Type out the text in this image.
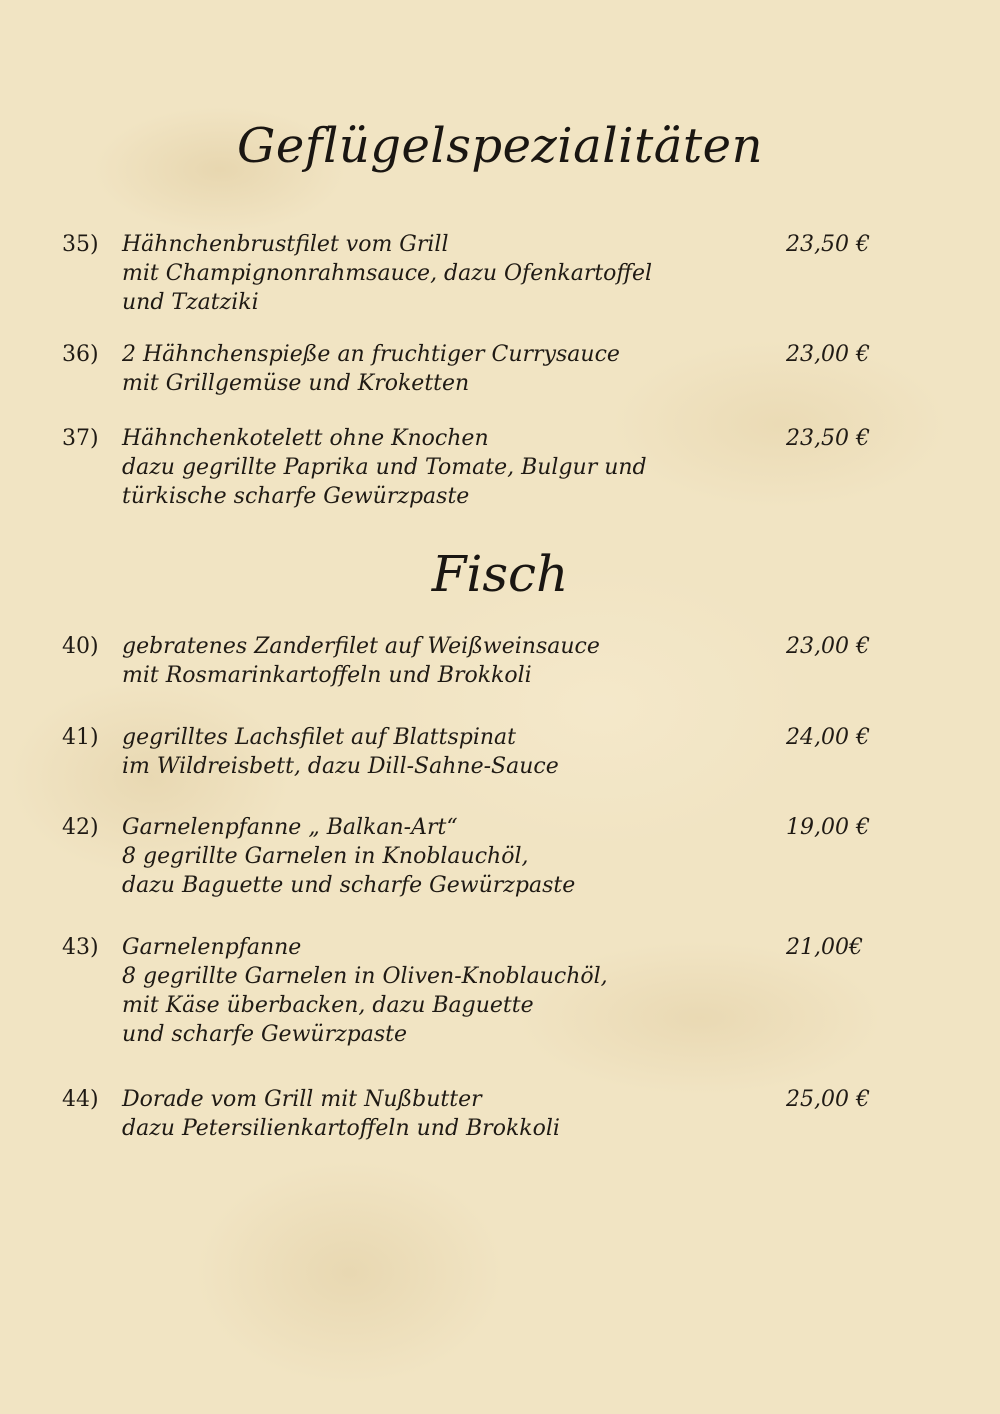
Geflügelspezialitäten
35)	Hähnchenbrustfilet vom Grill
mit Champignonrahmsauce, dazu Ofenkartoffel
und Tzatziki
23,50 €
36)	2 Hähnchenspieße an fruchtiger Currysauce
mit Grillgemüse und Kroketten
23,00 €
37)	Hähnchenkotelett ohne Knochen
dazu gegrillte Paprika und Tomate, Bulgur und
türkische scharfe Gewürzpaste
23,50 €
Fisch
40)	gebratenes Zanderfilet auf Weißweinsauce
mit Rosmarinkartoffeln und Brokkoli
23,00 €
41)	gegrilltes Lachsfilet auf Blattspinat
im Wildreisbett, dazu Dill-Sahne-Sauce
24,00 €
42)	Garnelenpfanne „ Balkan-Art“
8 gegrillte Garnelen in Knoblauchöl,
dazu Baguette und scharfe Gewürzpaste
19,00 €
43)	Garnelenpfanne
8 gegrillte Garnelen in Oliven-Knoblauchöl,
mit Käse überbacken, dazu Baguette
und scharfe Gewürzpaste
21,00€
44)	Dorade vom Grill mit Nußbutter
dazu Petersilienkartoffeln und Brokkoli
25,00 €
